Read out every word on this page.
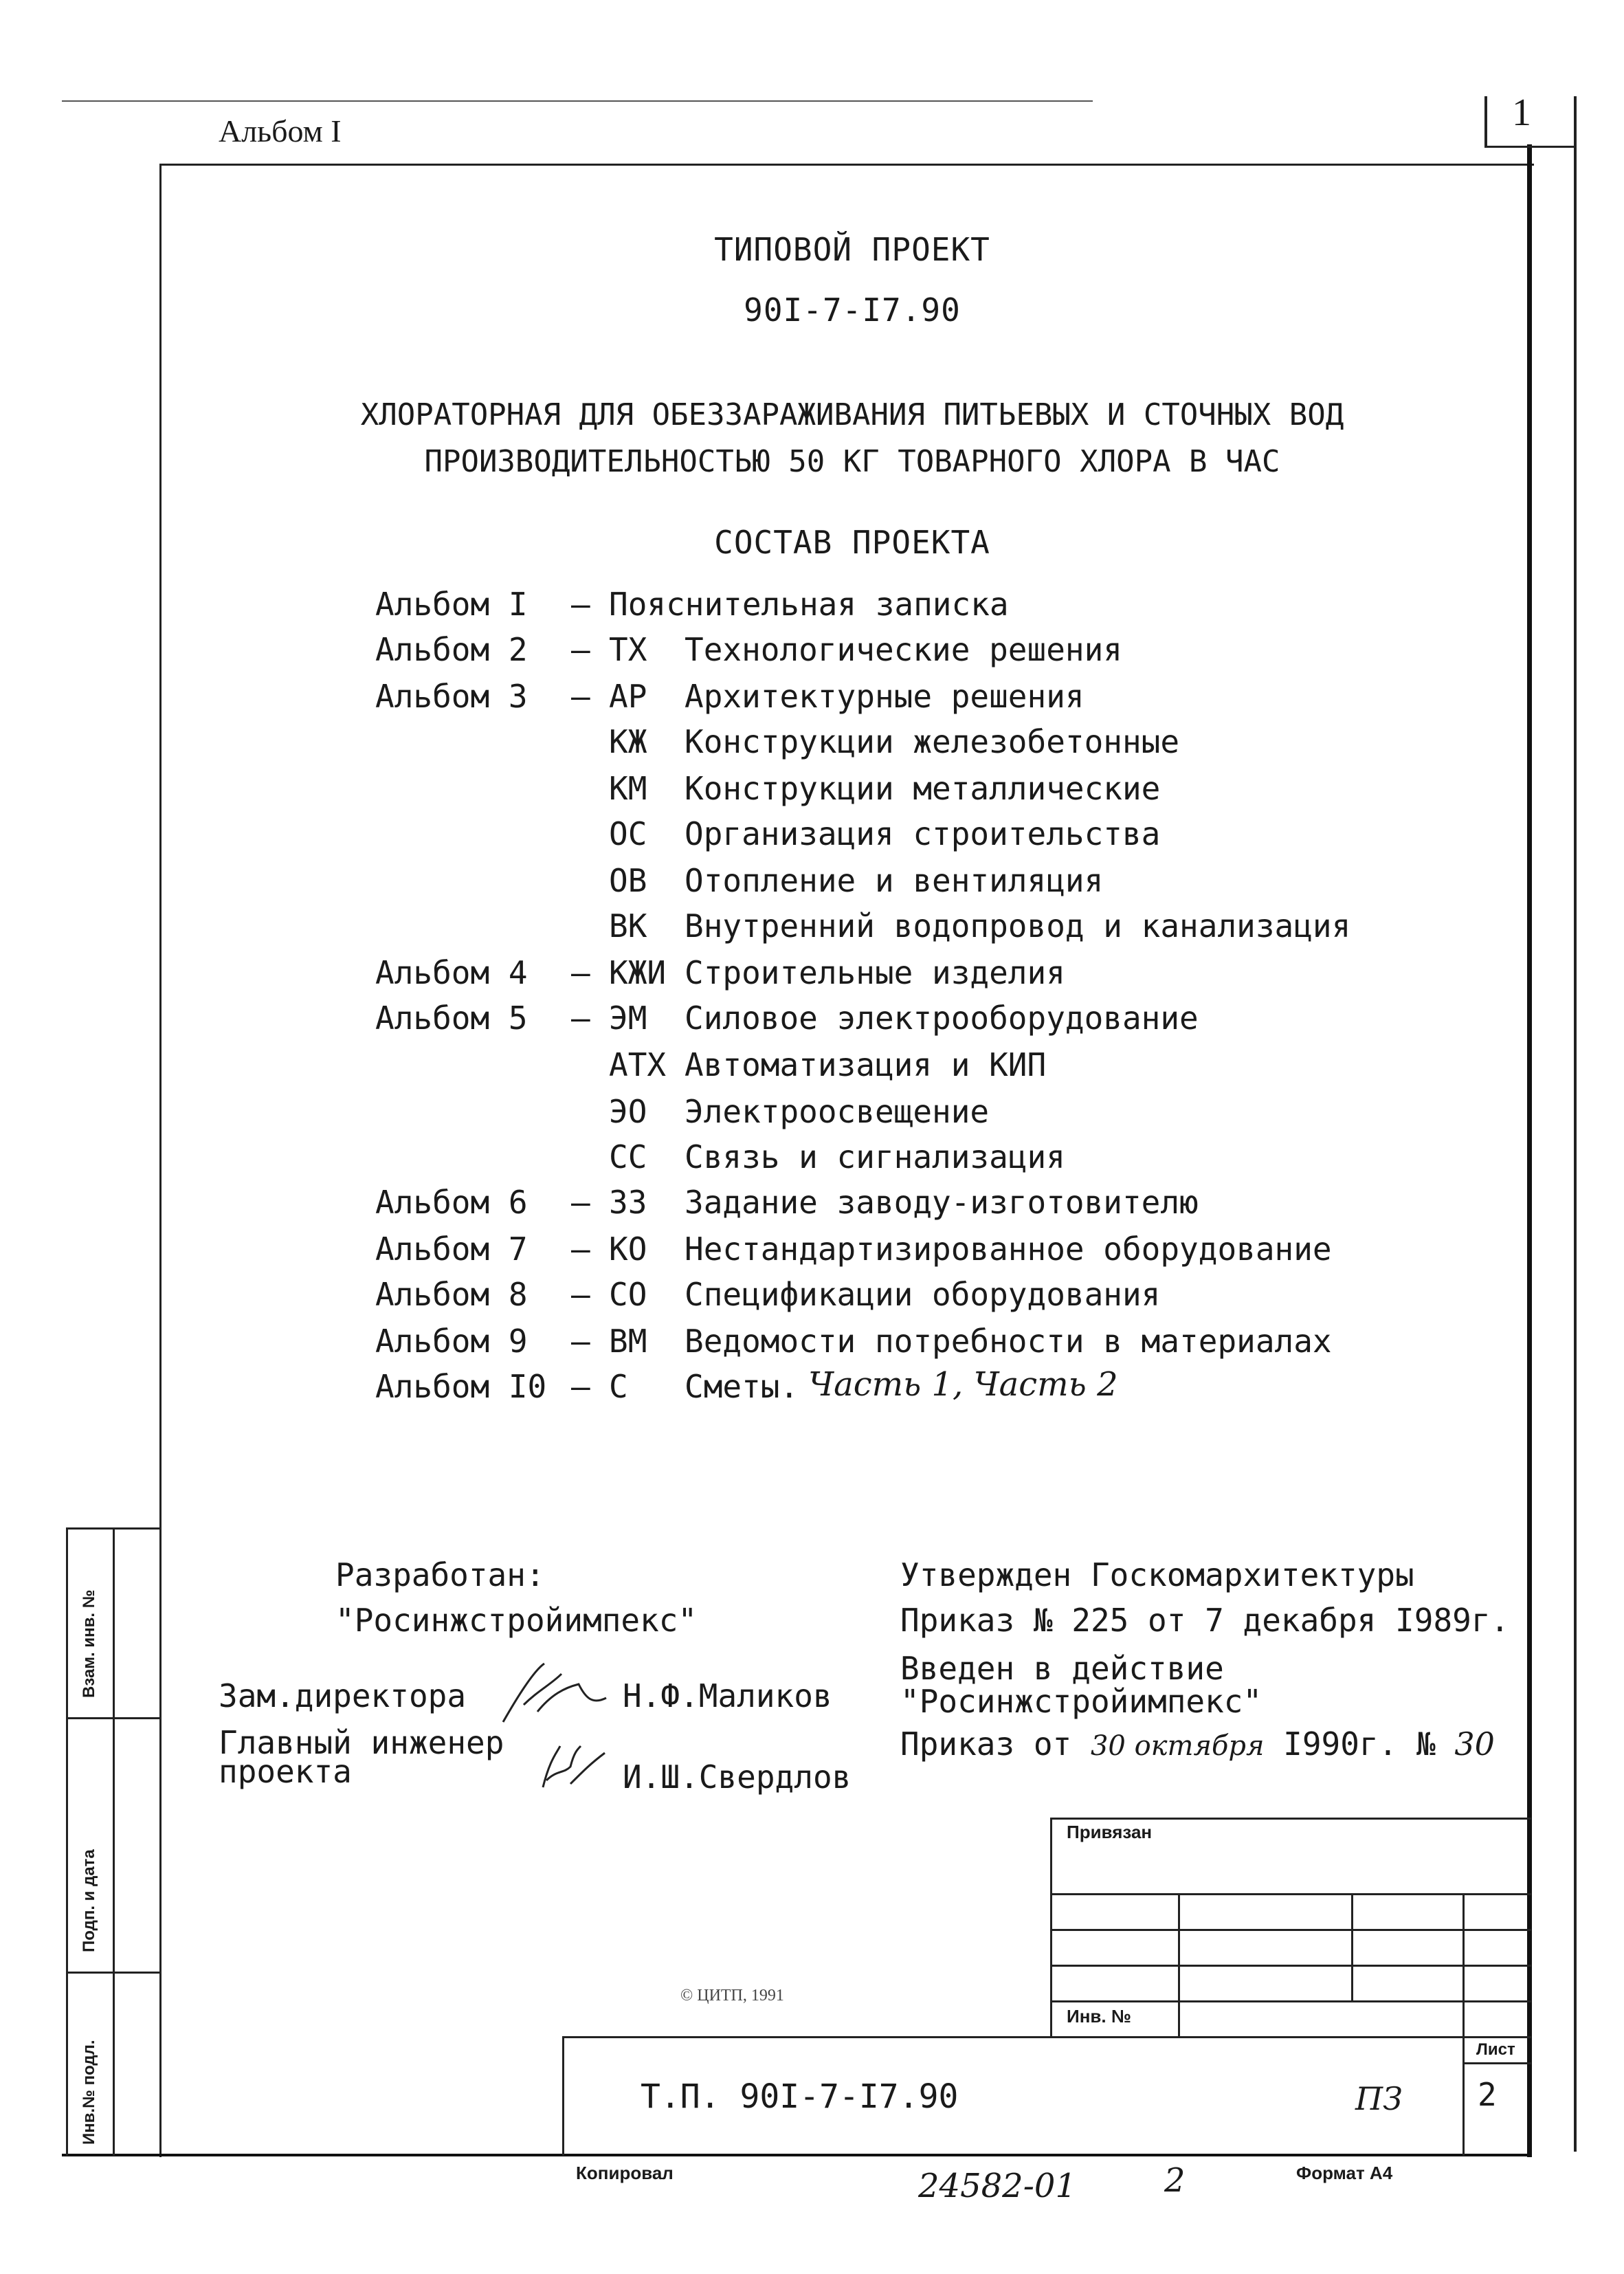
Альбом I	1
ТИПОВОЙ ПРОЕКТ
90I-7-I7.90
ХЛОРАТОРНАЯ ДЛЯ ОБЕЗЗАРАЖИВАНИЯ ПИТЬЕВЫХ И СТОЧНЫХ ВОД
ПРОИЗВОДИТЕЛЬНОСТЬЮ 50 КГ ТОВАРНОГО ХЛОРА В ЧАС
СОСТАВ ПРОЕКТА
Альбом I – Пояснительная записка
Альбом 2 – ТХ Технологические решения
Альбом 3 – АР Архитектурные решения
КЖ Конструкции железобетонные
КМ Конструкции металлические
ОС Организация строительства
ОВ Отопление и вентиляция
ВК Внутренний водопровод и канализация
Альбом 4 – КЖИ Строительные изделия
Альбом 5 – ЭМ Силовое электрооборудование
АТХ Автоматизация и КИП
ЭО Электроосвещение
СС Связь и сигнализация
Альбом 6 – ЗЗ Задание заводу-изготовителю
Альбом 7 – КО Нестандартизированное оборудование
Альбом 8 – СО Спецификации оборудования
Альбом 9 – ВМ Ведомости потребности в материалах
Альбом I0 – С Сметы. Часть 1, Часть 2
Разработан:
"Росинжстройимпекс"
Зам.директора	Н.Ф.Маликов
Главный инженер
проекта	И.Ш.Свердлов
Утвержден Госкомархитектуры
Приказ № 225 от 7 декабря I989г.
Введен в действие
"Росинжстройимпекс"
Приказ от 30 октября I990г. № 30
Инв.№ подл.
Подп. и дата
Взам. инв. №
Привязан
Инв. №
© ЦИТП, 1991
Т.П. 90I-7-I7.90	ПЗ
Лист
2
Копировал	24582-01	2	Формат А4
